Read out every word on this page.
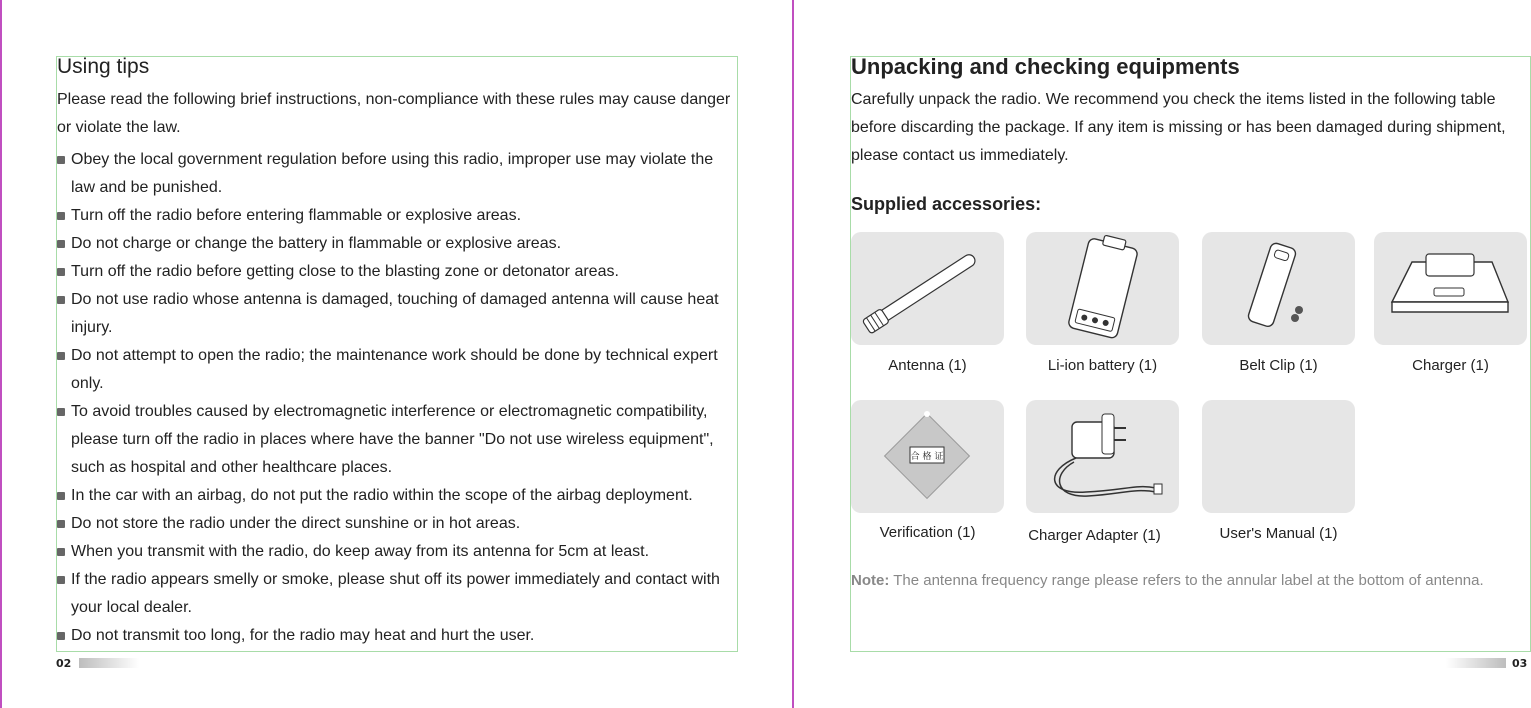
Using tips
Please read the following brief instructions, non-compliance with these rules may cause danger or violate the law.
Obey the local government regulation before using this radio, improper use may violate the law and be punished.
Turn off the radio before entering flammable or explosive areas.
Do not charge or change the battery in flammable or explosive areas.
Turn off the radio before getting close to the blasting zone or detonator areas.
Do not use radio whose antenna is damaged, touching of damaged antenna will cause heat injury.
Do not attempt to open the radio; the maintenance work should be done by technical expert only.
To avoid troubles caused by electromagnetic interference or electromagnetic compatibility, please turn off the radio in places where have the banner "Do not use wireless equipment", such as hospital and other healthcare places.
In the car with an airbag, do not put the radio within the scope of the airbag deployment.
Do not store the radio under the direct sunshine or in hot areas.
When you transmit with the radio, do keep away from its antenna for 5cm at least.
If the radio appears smelly or smoke, please shut off its power immediately and contact with your local dealer.
Do not transmit too long, for the radio may heat and hurt the user.
02
Unpacking and checking equipments
Carefully unpack the radio. We recommend you check the items listed in the following table before discarding the package. If any item is missing or has been damaged during shipment, please contact us immediately.
Supplied accessories:
Antenna (1)	Li-ion battery (1)	Belt Clip (1)	Charger (1)
合 格 证
Verification (1)	Charger Adapter (1)	User's Manual (1)
Note: The antenna frequency range please refers to the annular label at the bottom of antenna.
03
